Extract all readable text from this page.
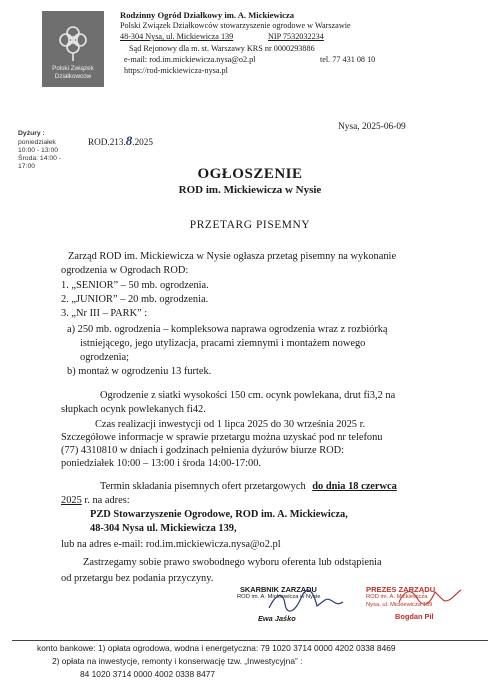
Polski Związek
Działkowców
Rodzinny Ogród Działkowy im. A. Mickiewicza
Polski Związek Działkowców stowarzyszenie ogrodowe w Warszawie
48-304 Nysa, ul. Mickiewicza 139	NIP 7532032234
Sąd Rejonowy dla m. st. Warszawy KRS nr 0000293886
e-mail: rod.im.mickiewicza.nysa@o2.pl	tel. 77 431 08 10
https://rod-mickiewicza-nysa.pl
Dyżury :
poniedziałek
10:00 - 13:00
Środa: 14:00 -
17:00
ROD.213.8.2025
Nysa, 2025-06-09
OGŁOSZENIE
ROD im. Mickiewicza w Nysie
PRZETARG PISEMNY
Zarząd ROD im. Mickiewicza w Nysie ogłasza przetag pisemny na wykonanie
ogrodzenia w Ogrodach ROD:
1. „SENIOR” – 50 mb. ogrodzenia.
2. „JUNIOR” – 20 mb. ogrodzenia.
3. „Nr III – PARK” :
a) 250 mb. ogrodzenia – kompleksowa naprawa ogrodzenia wraz z rozbiórką
istniejącego, jego utylizacja, pracami ziemnymi i montażem nowego
ogrodzenia;
b) montaż w ogrodzeniu 13 furtek.
Ogrodzenie z siatki wysokości 150 cm. ocynk powlekana, drut fi3,2 na
słupkach ocynk powlekanych fi42.
Czas realizacji inwestycji od 1 lipca 2025 do 30 września 2025 r.
Szczegółowe informacje w sprawie przetargu można uzyskać pod nr telefonu
(77) 4310810 w dniach i godzinach pełnienia dyżurów biurze ROD:
poniedziałek 10:00 – 13:00 i środa 14:00-17:00.
Termin składania pisemnych ofert przetargowych do dnia 18 czerwca
2025 r. na adres:
PZD Stowarzyszenie Ogrodowe, ROD im. A. Mickiewicza,
48-304 Nysa ul. Mickiewicza 139,
lub na adres e-mail: rod.im.mickiewicza.nysa@o2.pl
Zastrzegamy sobie prawo swobodnego wyboru oferenta lub odstąpienia
od przetargu bez podania przyczyny.
SKARBNIK ZARZĄDU
ROD im. A. Mickiewicza w Nysie
Ewa Jaśko
PREZES ZARZĄDU
ROD im. A. Mickiewicza
Nysa, ul. Mickiewicza 139
Bogdan Pil
konto bankowe: 1) opłata ogrodowa, wodna i energetyczna: 79 1020 3714 0000 4202 0338 8469
2) opłata na inwestycje, remonty i konserwację tzw. „Inwestycyjna” :
84 1020 3714 0000 4002 0338 8477
